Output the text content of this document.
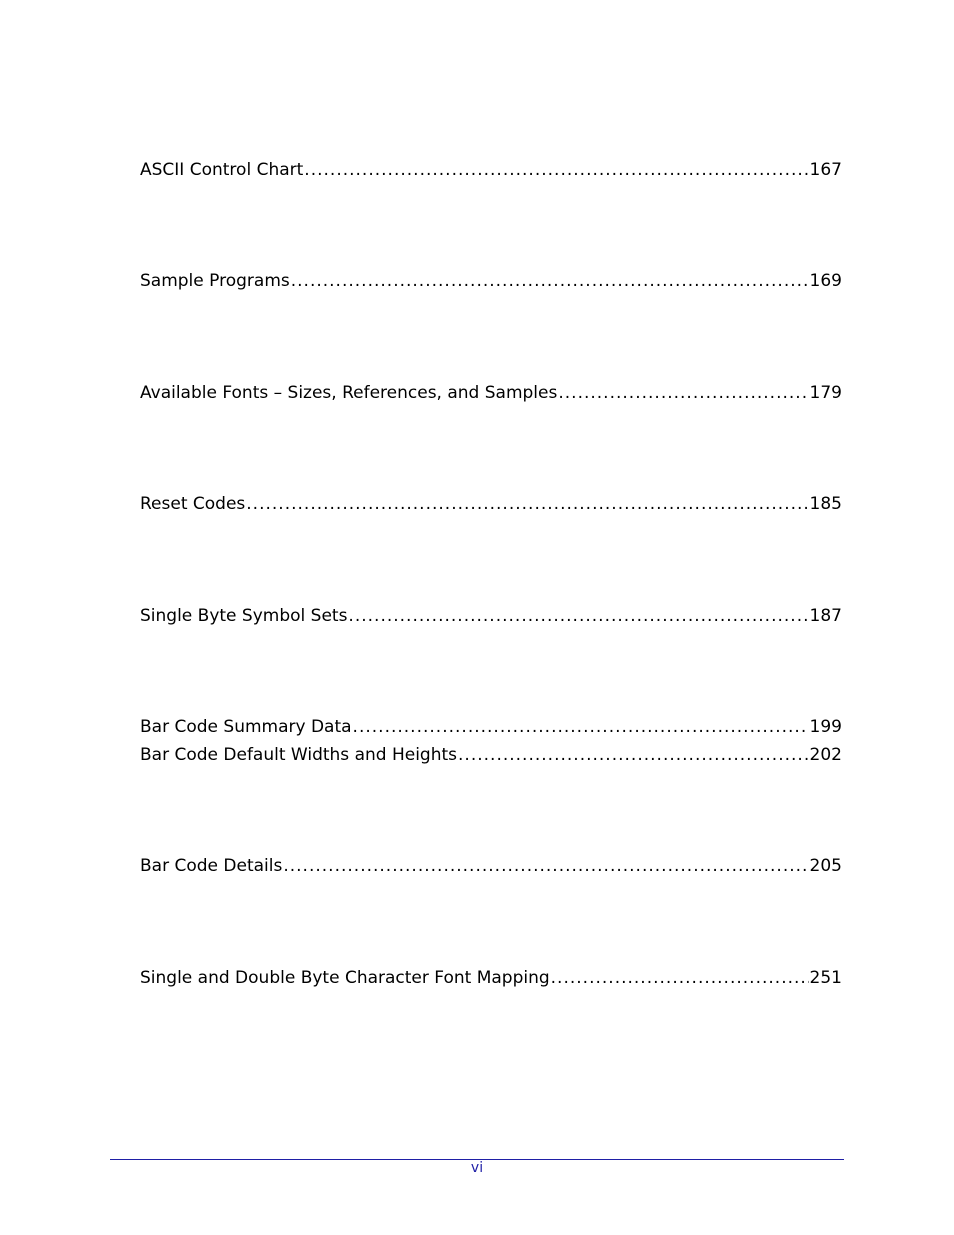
ASCII Control Chart .....	167
Sample Programs .....	169
Available Fonts – Sizes, References, and Samples .....	179
Reset Codes .....	185
Single Byte Symbol Sets .....	187
Bar Code Summary Data .....	199
Bar Code Default Widths and Heights .....	202
Bar Code Details .....	205
Single and Double Byte Character Font Mapping .....	251
vi
